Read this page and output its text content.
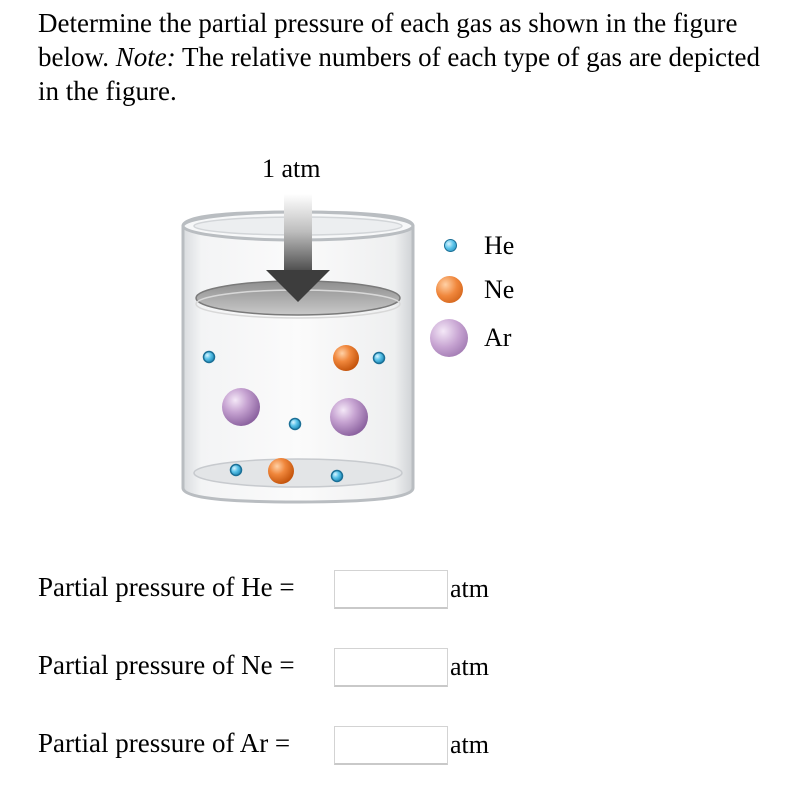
Determine the partial pressure of each gas as shown in the figure below. Note: The relative numbers of each type of gas are depicted in the figure.
1 atm
He
Ne
Ar
Partial pressure of He =	atm
Partial pressure of Ne =	atm
Partial pressure of Ar =	atm
